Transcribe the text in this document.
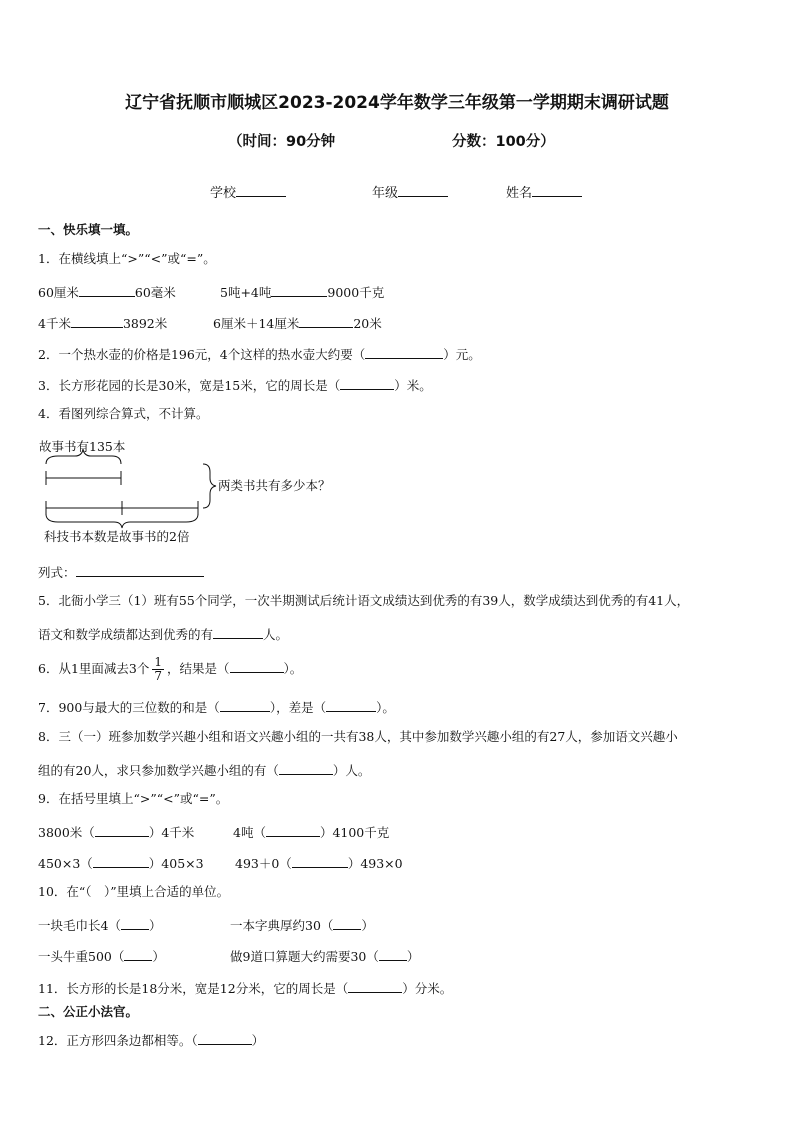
辽宁省抚顺市顺城区2023-2024学年数学三年级第一学期期末调研试题
（时间：90分钟	分数：100分）
学校	年级	姓名
一、快乐填一填。
1．在横线填上“>”“<”或“=”。
60厘米	60毫米	5吨+4吨	9000千克
4千米	3892米	6厘米＋14厘米	20米
2．一个热水壶的价格是196元，4个这样的热水壶大约要（	）元。
3．长方形花园的长是30米，宽是15米，它的周长是（	）米。
4．看图列综合算式，不计算。
故事书有135本
两类书共有多少本？
科技书本数是故事书的2倍
列式：
5．北衙小学三（1）班有55个同学，一次半期测试后统计语文成绩达到优秀的有39人，数学成绩达到优秀的有41人，
语文和数学成绩都达到优秀的有	人。
6．从1里面减去3个 $\frac{1}{7}$ ，结果是（	）。
7．900与最大的三位数的和是（	），差是（	）。
8．三（一）班参加数学兴趣小组和语文兴趣小组的一共有38人，其中参加数学兴趣小组的有27人，参加语文兴趣小
组的有20人，求只参加数学兴趣小组的有（	）人。
9．在括号里填上“>”“<”或“=”。
3800米（	）4千米	4吨（	）4100千克
450×3（	）405×3	493＋0（	）493×0
10．在“（　）”里填上合适的单位。
一块毛巾长4（ ）	一本字典厚约30（ ）
一头牛重500（ ）	做9道口算题大约需要30（ ）
11．长方形的长是18分米，宽是12分米，它的周长是（	）分米。
二、公正小法官。
12．正方形四条边都相等。（	）
